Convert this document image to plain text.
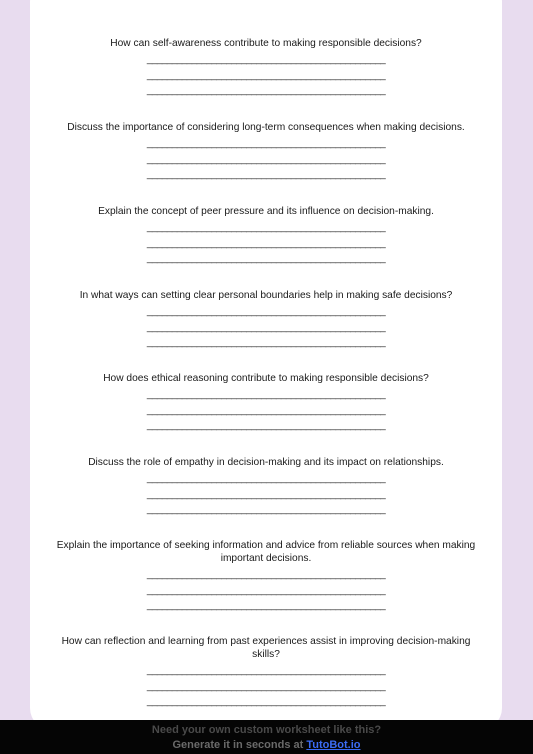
How can self-awareness contribute to making responsible decisions?
________________________________________________
________________________________________________
________________________________________________
Discuss the importance of considering long-term consequences when making decisions.
________________________________________________
________________________________________________
________________________________________________
Explain the concept of peer pressure and its influence on decision-making.
________________________________________________
________________________________________________
________________________________________________
In what ways can setting clear personal boundaries help in making safe decisions?
________________________________________________
________________________________________________
________________________________________________
How does ethical reasoning contribute to making responsible decisions?
________________________________________________
________________________________________________
________________________________________________
Discuss the role of empathy in decision-making and its impact on relationships.
________________________________________________
________________________________________________
________________________________________________
Explain the importance of seeking information and advice from reliable sources when making important decisions.
________________________________________________
________________________________________________
________________________________________________
How can reflection and learning from past experiences assist in improving decision-making skills?
________________________________________________
________________________________________________
________________________________________________
Need your own custom worksheet like this?
Generate it in seconds at TutoBot.io
